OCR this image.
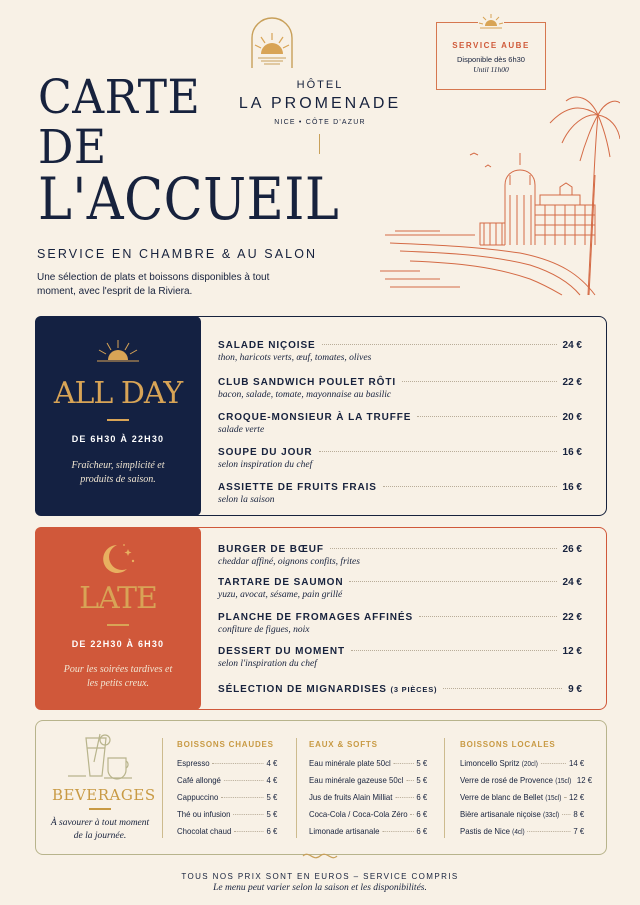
HÔTEL
LA PROMENADE
NICE • CÔTE D'AZUR
SERVICE AUBE
Disponible dès 6h30
Until 11h00
CARTE
DE
L'ACCUEIL
SERVICE EN CHAMBRE & AU SALON
Une sélection de plats et boissons disponibles à tout moment, avec l'esprit de la Riviera.
ALL DAY
DE 6H30 À 22H30
Fraîcheur, simplicité et produits de saison.
SALADE NIÇOISE	24 €
thon, haricots verts, œuf, tomates, olives
CLUB SANDWICH POULET RÔTI	22 €
bacon, salade, tomate, mayonnaise au basilic
CROQUE-MONSIEUR À LA TRUFFE	20 €
salade verte
SOUPE DU JOUR	16 €
selon inspiration du chef
ASSIETTE DE FRUITS FRAIS	16 €
selon la saison
LATE
DE 22H30 À 6H30
Pour les soirées tardives et les petits creux.
BURGER DE BŒUF	26 €
cheddar affiné, oignons confits, frites
TARTARE DE SAUMON	24 €
yuzu, avocat, sésame, pain grillé
PLANCHE DE FROMAGES AFFINÉS	22 €
confiture de figues, noix
DESSERT DU MOMENT	12 €
selon l'inspiration du chef
SÉLECTION DE MIGNARDISES (3 PIÈCES)	9 €
BEVERAGES
À savourer à tout moment de la journée.
BOISSONS CHAUDES
Espresso	4 €
Café allongé	4 €
Cappuccino	5 €
Thé ou infusion	5 €
Chocolat chaud	6 €
EAUX & SOFTS
Eau minérale plate 50cl	5 €
Eau minérale gazeuse 50cl 5 €
Jus de fruits Alain Milliat	6 €
Coca-Cola / Coca-Cola Zéro 6 €
Limonade artisanale	6 €
BOISSONS LOCALES
Limoncello Spritz (20cl)	14 €
Verre de rosé de Provence (15cl) 12 €
Verre de blanc de Bellet (15cl) 12 €
Bière artisanale niçoise (33cl) 8 €
Pastis de Nice (4cl)	7 €
TOUS NOS PRIX SONT EN EUROS – SERVICE COMPRIS
Le menu peut varier selon la saison et les disponibilités.
